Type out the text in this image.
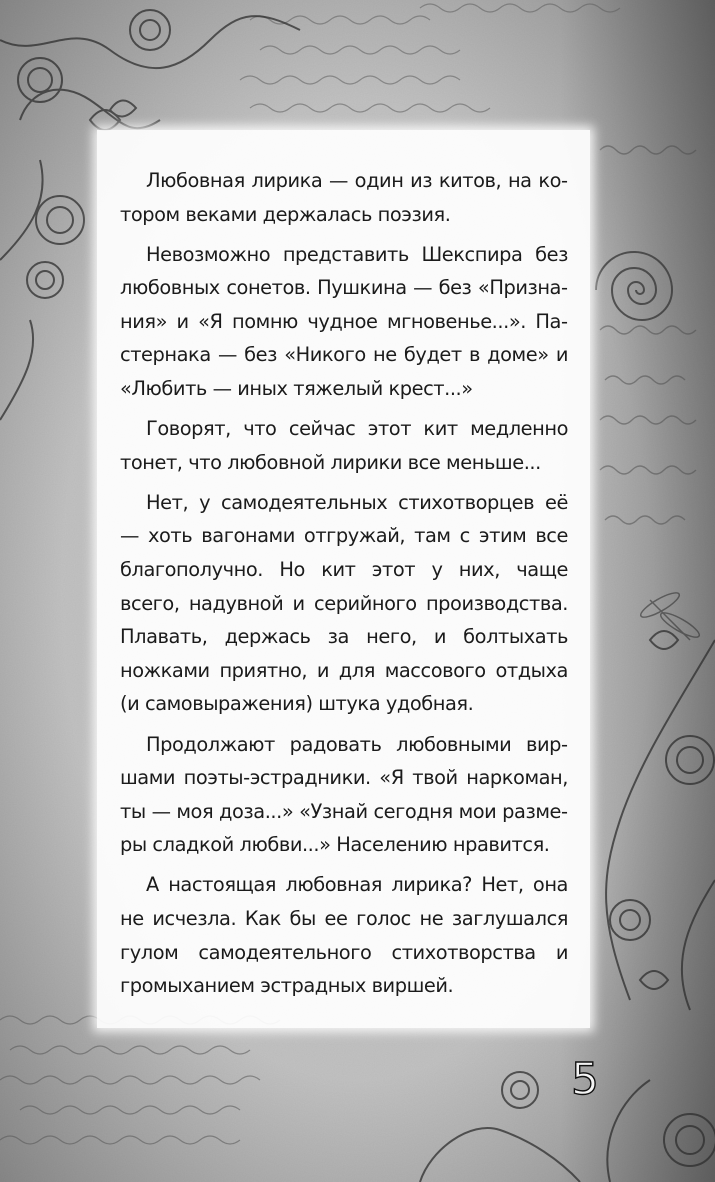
Любовная лирика — один из китов, на котором веками держалась поэзия.

Невозможно представить Шекспира без любовных сонетов. Пушкина — без «Признания» и «Я помню чудное мгновенье...». Пастернака — без «Никого не будет в доме» и «Любить — иных тяжелый крест...»

Говорят, что сейчас этот кит медленно тонет, что любовной лирики все меньше...

Нет, у самодеятельных стихотворцев её — хоть вагонами отгружай, там с этим все благополучно. Но кит этот у них, чаще всего, надувной и серийного производства. Плавать, держась за него, и болтыхать ножками приятно, и для массового отдыха (и самовыражения) штука удобная.

Продолжают радовать любовными виршами поэты-эстрадники. «Я твой наркоман, ты — моя доза...» «Узнай сегодня мои размеры сладкой любви...» Населению нравится.

А настоящая любовная лирика? Нет, она не исчезла. Как бы ее голос не заглушался гулом самодеятельного стихотворства и громыханием эстрадных виршей.

5
